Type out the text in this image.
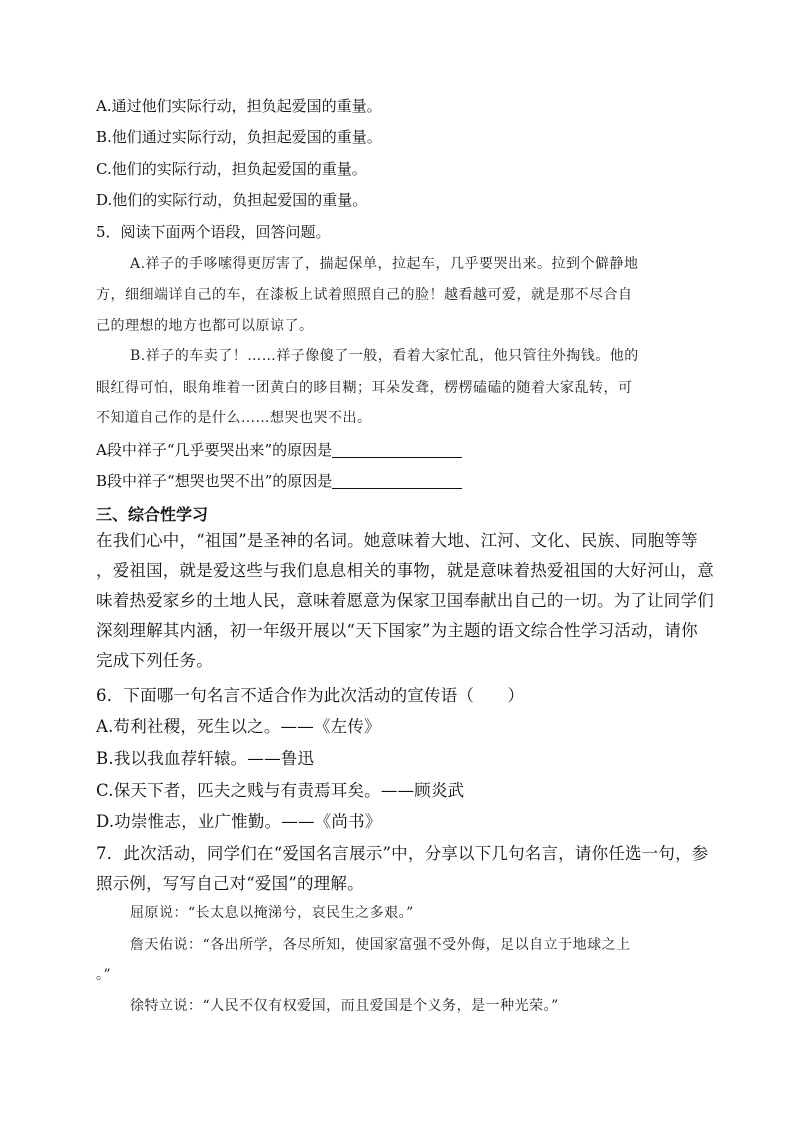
A.通过他们实际行动，担负起爱国的重量。
B.他们通过实际行动，负担起爱国的重量。
C.他们的实际行动，担负起爱国的重量。
D.他们的实际行动，负担起爱国的重量。
5．阅读下面两个语段，回答问题。
A.祥子的手哆嗦得更厉害了，揣起保单，拉起车，几乎要哭出来。拉到个僻静地
方，细细端详自己的车，在漆板上试着照照自己的脸！越看越可爱，就是那不尽合自
己的理想的地方也都可以原谅了。
B.祥子的车卖了！……祥子像傻了一般，看着大家忙乱，他只管往外掏钱。他的
眼红得可怕，眼角堆着一团黄白的眵目糊；耳朵发聋，楞楞磕磕的随着大家乱转，可
不知道自己作的是什么……想哭也哭不出。
A段中祥子“几乎要哭出来”的原因是
B段中祥子“想哭也哭不出”的原因是
三、综合性学习
在我们心中，“祖国”是圣神的名词。她意味着大地、江河、文化、民族、同胞等等
，爱祖国，就是爱这些与我们息息相关的事物，就是意味着热爱祖国的大好河山，意
味着热爱家乡的土地人民，意味着愿意为保家卫国奉献出自己的一切。为了让同学们
深刻理解其内涵，初一年级开展以“天下国家”为主题的语文综合性学习活动，请你
完成下列任务。
6．下面哪一句名言不适合作为此次活动的宣传语（　　）
A.苟利社稷，死生以之。——《左传》
B.我以我血荐轩辕。——鲁迅
C.保天下者，匹夫之贱与有责焉耳矣。——顾炎武
D.功崇惟志，业广惟勤。——《尚书》
7．此次活动，同学们在“爱国名言展示”中，分享以下几句名言，请你任选一句，参
照示例，写写自己对“爱国”的理解。
屈原说：“长太息以掩涕兮，哀民生之多艰。”
詹天佑说：“各出所学，各尽所知，使国家富强不受外侮，足以自立于地球之上
。”
徐特立说：“人民不仅有权爱国，而且爱国是个义务，是一种光荣。”
